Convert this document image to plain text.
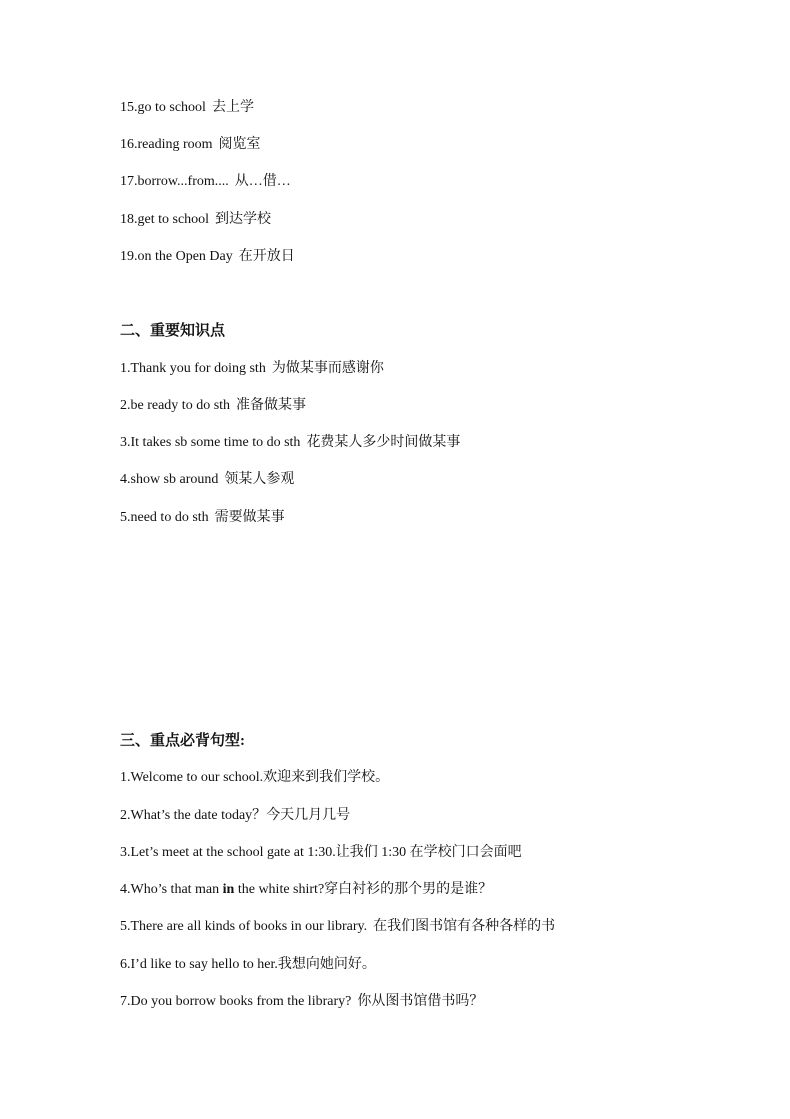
15.go to school 去上学
16.reading room 阅览室
17.borrow...from.... 从…借…
18.get to school 到达学校
19.on the Open Day 在开放日
二、重要知识点
1.Thank you for doing sth 为做某事而感谢你
2.be ready to do sth 准备做某事
3.It takes sb some time to do sth 花费某人多少时间做某事
4.show sb around 领某人参观
5.need to do sth 需要做某事
三、重点必背句型:
1.Welcome to our school.欢迎来到我们学校。
2.What’s the date today？今天几月几号
3.Let’s meet at the school gate at 1:30.让我们 1:30 在学校门口会面吧
4.Who’s that man in the white shirt?穿白衬衫的那个男的是谁？
5.There are all kinds of books in our library. 在我们图书馆有各种各样的书
6.I’d like to say hello to her.我想向她问好。
7.Do you borrow books from the library? 你从图书馆借书吗？
